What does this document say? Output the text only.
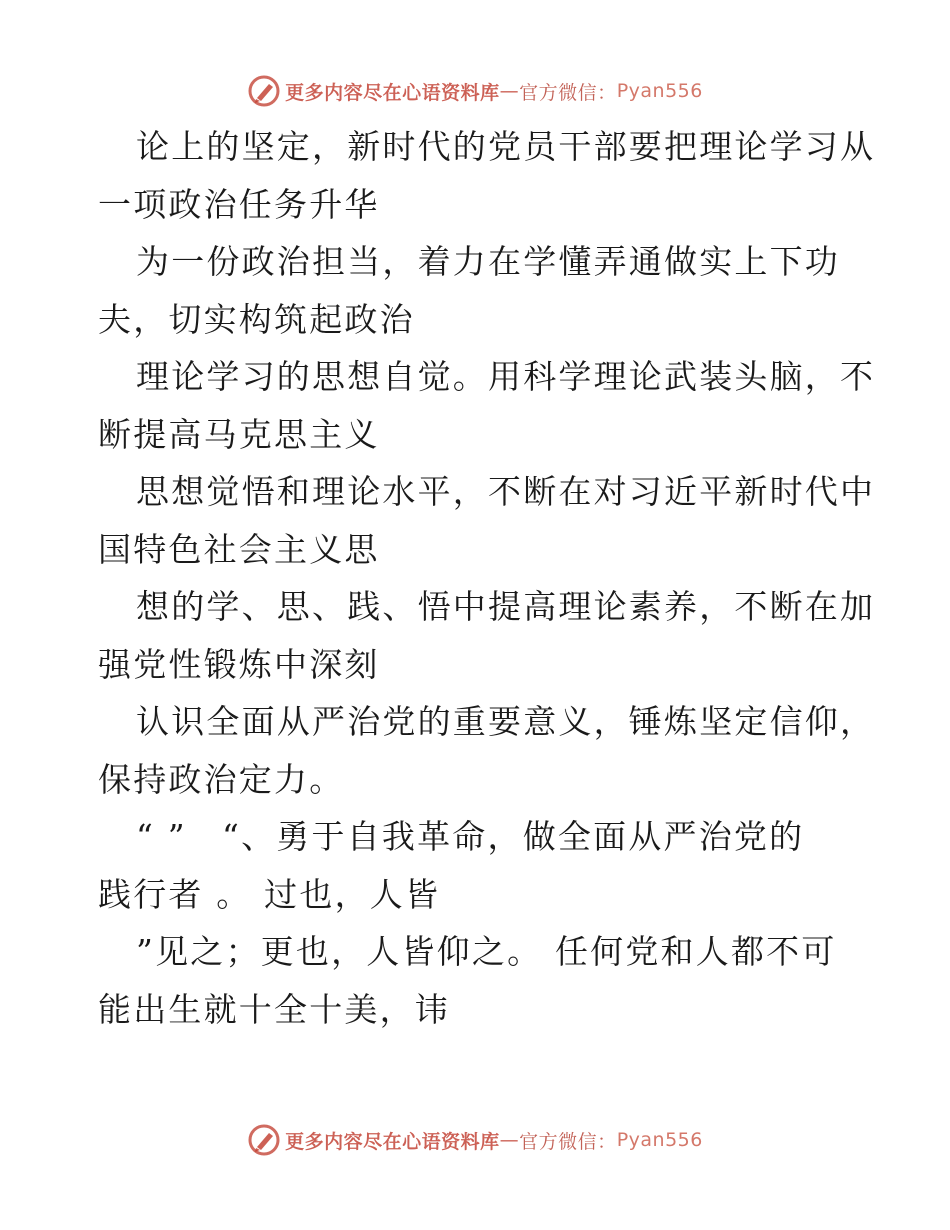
更多内容尽在心语资料库 — 官方微信： Pyan556
论上的坚定，新时代的党员干部要把理论学习从
一项政治任务升华
为一份政治担当，着力在学懂弄通做实上下功
夫，切实构筑起政治
理论学习的思想自觉。用科学理论武装头脑，不
断提高马克思主义
思想觉悟和理论水平，不断在对习近平新时代中
国特色社会主义思
想的学、思、践、悟中提高理论素养，不断在加
强党性锻炼中深刻
认识全面从严治党的重要意义，锤炼坚定信仰，
保持政治定力。
“ ”　“、勇于自我革命，做全面从严治党的
践行者 。 过也，人皆
”见之；更也，人皆仰之。 任何党和人都不可
能出生就十全十美，讳
更多内容尽在心语资料库 — 官方微信： Pyan556
